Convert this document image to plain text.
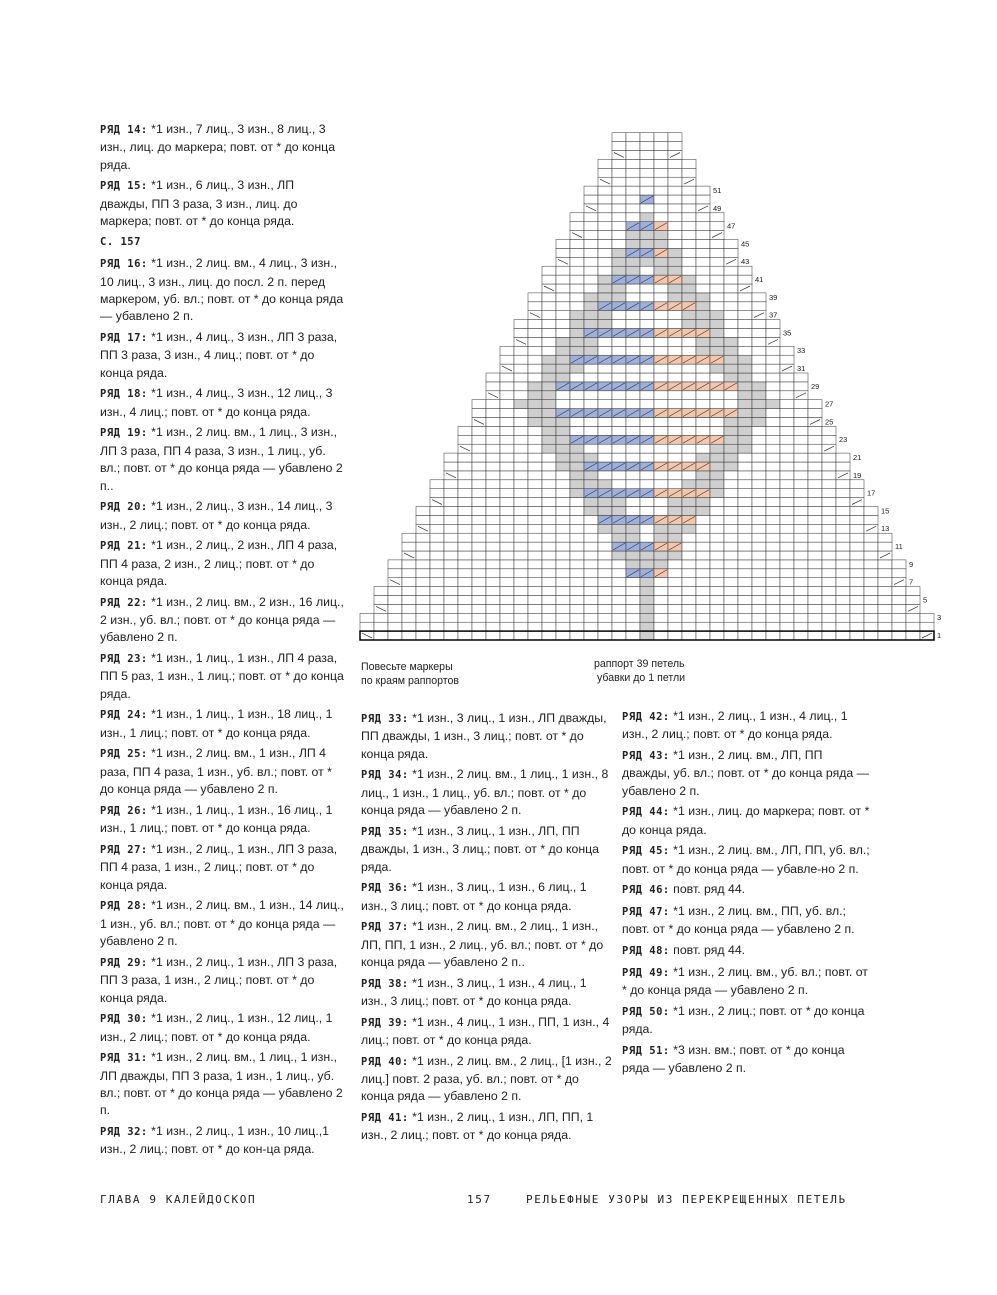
РЯД 14: *1 изн., 7 лиц., 3 изн., 8 лиц., 3 изн., лиц. до маркера; повт. от * до конца ряда.
РЯД 15: *1 изн., 6 лиц., 3 изн., ЛП дважды, ПП 3 раза, 3 изн., лиц. до маркера; повт. от * до конца ряда.
С. 157
РЯД 16: *1 изн., 2 лиц. вм., 4 лиц., 3 изн., 10 лиц., 3 изн., лиц. до посл. 2 п. перед маркером, уб. вл.; повт. от * до конца ряда — убавлено 2 п.
РЯД 17: *1 изн., 4 лиц., 3 изн., ЛП 3 раза, ПП 3 раза, 3 изн., 4 лиц.; повт. от * до конца ряда.
РЯД 18: *1 изн., 4 лиц., 3 изн., 12 лиц., 3 изн., 4 лиц.; повт. от * до конца ряда.
РЯД 19: *1 изн., 2 лиц. вм., 1 лиц., 3 изн., ЛП 3 раза, ПП 4 раза, 3 изн., 1 лиц., уб. вл.; повт. от * до конца ряда — убавлено 2 п..
РЯД 20: *1 изн., 2 лиц., 3 изн., 14 лиц., 3 изн., 2 лиц.; повт. от * до конца ряда.
РЯД 21: *1 изн., 2 лиц., 2 изн., ЛП 4 раза, ПП 4 раза, 2 изн., 2 лиц.; повт. от * до конца ряда.
РЯД 22: *1 изн., 2 лиц. вм., 2 изн., 16 лиц., 2 изн., уб. вл.; повт. от * до конца ряда — убавлено 2 п.
РЯД 23: *1 изн., 1 лиц., 1 изн., ЛП 4 раза, ПП 5 раз, 1 изн., 1 лиц.; повт. от * до конца ряда.
РЯД 24: *1 изн., 1 лиц., 1 изн., 18 лиц., 1 изн., 1 лиц.; повт. от * до конца ряда.
РЯД 25: *1 изн., 2 лиц. вм., 1 изн., ЛП 4 раза, ПП 4 раза, 1 изн., уб. вл.; повт. от * до конца ряда — убавлено 2 п.
РЯД 26: *1 изн., 1 лиц., 1 изн., 16 лиц., 1 изн., 1 лиц.; повт. от * до конца ряда.
РЯД 27: *1 изн., 2 лиц., 1 изн., ЛП 3 раза, ПП 4 раза, 1 изн., 2 лиц.; повт. от * до конца ряда.
РЯД 28: *1 изн., 2 лиц. вм., 1 изн., 14 лиц., 1 изн., уб. вл.; повт. от * до конца ряда — убавлено 2 п.
РЯД 29: *1 изн., 2 лиц., 1 изн., ЛП 3 раза, ПП 3 раза, 1 изн., 2 лиц.; повт. от * до конца ряда.
РЯД 30: *1 изн., 2 лиц., 1 изн., 12 лиц., 1 изн., 2 лиц.; повт. от * до конца ряда.
РЯД 31: *1 изн., 2 лиц. вм., 1 лиц., 1 изн., ЛП дважды, ПП 3 раза, 1 изн., 1 лиц., уб. вл.; повт. от * до конца ряда — убавлено 2 п.
РЯД 32: *1 изн., 2 лиц., 1 изн., 10 лиц.,1 изн., 2 лиц.; повт. от * до кон-ца ряда.
РЯД 33: *1 изн., 3 лиц., 1 изн., ЛП дважды, ПП дважды, 1 изн., 3 лиц.; повт. от * до конца ряда.
РЯД 34: *1 изн., 2 лиц. вм., 1 лиц., 1 изн., 8 лиц., 1 изн., 1 лиц., уб. вл.; повт. от * до конца ряда — убавлено 2 п.
РЯД 35: *1 изн., 3 лиц., 1 изн., ЛП, ПП дважды, 1 изн., 3 лиц.; повт. от * до конца ряда.
РЯД 36: *1 изн., 3 лиц., 1 изн., 6 лиц., 1 изн., 3 лиц.; повт. от * до конца ряда.
РЯД 37: *1 изн., 2 лиц. вм., 2 лиц., 1 изн., ЛП, ПП, 1 изн., 2 лиц., уб. вл.; повт. от * до конца ряда — убавлено 2 п..
РЯД 38: *1 изн., 3 лиц., 1 изн., 4 лиц., 1 изн., 3 лиц.; повт. от * до конца ряда.
РЯД 39: *1 изн., 4 лиц., 1 изн., ПП, 1 изн., 4 лиц.; повт. от * до конца ряда.
РЯД 40: *1 изн., 2 лиц. вм., 2 лиц., [1 изн., 2 лиц.] повт. 2 раза, уб. вл.; повт. от * до конца ряда — убавлено 2 п.
РЯД 41: *1 изн., 2 лиц., 1 изн., ЛП, ПП, 1 изн., 2 лиц.; повт. от * до конца ряда.
РЯД 42: *1 изн., 2 лиц., 1 изн., 4 лиц., 1 изн., 2 лиц.; повт. от * до конца ряда.
РЯД 43: *1 изн., 2 лиц. вм., ЛП, ПП дважды, уб. вл.; повт. от * до конца ряда — убавлено 2 п.
РЯД 44: *1 изн., лиц. до маркера; повт. от * до конца ряда.
РЯД 45: *1 изн., 2 лиц. вм., ЛП, ПП, уб. вл.; повт. от * до конца ряда — убавле-но 2 п.
РЯД 46: повт. ряд 44.
РЯД 47: *1 изн., 2 лиц. вм., ПП, уб. вл.; повт. от * до конца ряда — убавлено 2 п.
РЯД 48: повт. ряд 44.
РЯД 49: *1 изн., 2 лиц. вм., уб. вл.; повт. от * до конца ряда — убавлено 2 п.
РЯД 50: *1 изн., 2 лиц.; повт. от * до конца ряда.
РЯД 51: *3 изн. вм.; повт. от * до конца ряда — убавлено 2 п.
1
3
5
7
9
11
13
15
17
19
21
23
25
27
29
31
33
35
37
39
41
43
45
47
49
51
Повесьте маркеры
по краям раппортов
раппорт 39 петель
убавки до 1 петли
ГЛАВА 9 КАЛЕЙДОСКОП	157	РЕЛЬЕФНЫЕ УЗОРЫ ИЗ ПЕРЕКРЕЩЕННЫХ ПЕТЕЛЬ
